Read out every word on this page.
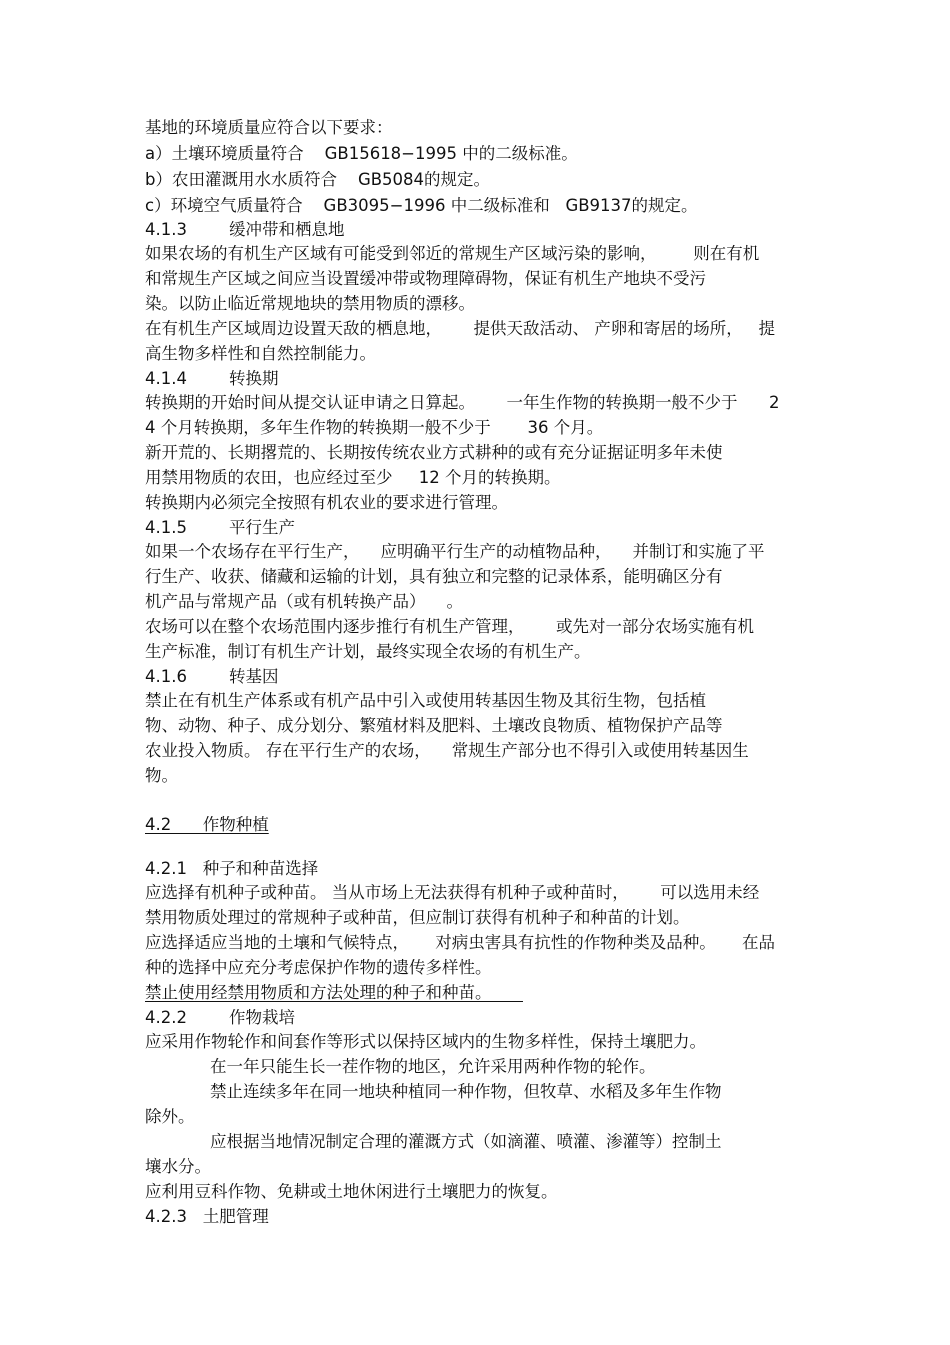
基地的环境质量应符合以下要求：
a）土壤环境质量符合    GB15618−1995 中的二级标准。
b）农田灌溉用水水质符合    GB5084的规定。
c）环境空气质量符合    GB3095−1996 中二级标准和   GB9137的规定。
4.1.3        缓冲带和栖息地
如果农场的有机生产区域有可能受到邻近的常规生产区域污染的影响，       则在有机
和常规生产区域之间应当设置缓冲带或物理障碍物，保证有机生产地块不受污
染。以防止临近常规地块的禁用物质的漂移。
在有机生产区域周边设置天敌的栖息地，      提供天敌活动、 产卵和寄居的场所，   提
高生物多样性和自然控制能力。
4.1.4        转换期
转换期的开始时间从提交认证申请之日算起。      一年生作物的转换期一般不少于      2
4 个月转换期，多年生作物的转换期一般不少于       36 个月。
新开荒的、长期撂荒的、长期按传统农业方式耕种的或有充分证据证明多年未使
用禁用物质的农田，也应经过至少     12 个月的转换期。
转换期内必须完全按照有机农业的要求进行管理。
4.1.5        平行生产
如果一个农场存在平行生产，    应明确平行生产的动植物品种，    并制订和实施了平
行生产、收获、储藏和运输的计划，具有独立和完整的记录体系，能明确区分有
机产品与常规产品（或有机转换产品）    。
农场可以在整个农场范围内逐步推行有机生产管理，      或先对一部分农场实施有机
生产标准，制订有机生产计划，最终实现全农场的有机生产。
4.1.6        转基因
禁止在有机生产体系或有机产品中引入或使用转基因生物及其衍生物，包括植
物、动物、种子、成分划分、繁殖材料及肥料、土壤改良物质、植物保护产品等
农业投入物质。 存在平行生产的农场，    常规生产部分也不得引入或使用转基因生
物。
4.2      作物种植
4.2.1   种子和种苗选择
应选择有机种子或种苗。 当从市场上无法获得有机种子或种苗时，      可以选用未经
禁用物质处理过的常规种子或种苗，但应制订获得有机种子和种苗的计划。
应选择适应当地的土壤和气候特点，     对病虫害具有抗性的作物种类及品种。     在品
种的选择中应充分考虑保护作物的遗传多样性。
禁止使用经禁用物质和方法处理的种子和种苗。
4.2.2        作物栽培
应采用作物轮作和间套作等形式以保持区域内的生物多样性，保持土壤肥力。
在一年只能生长一茬作物的地区，允许采用两种作物的轮作。
禁止连续多年在同一地块种植同一种作物，但牧草、水稻及多年生作物
除外。
应根据当地情况制定合理的灌溉方式（如滴灌、喷灌、渗灌等）控制土
壤水分。
应利用豆科作物、免耕或土地休闲进行土壤肥力的恢复。
4.2.3   土肥管理
